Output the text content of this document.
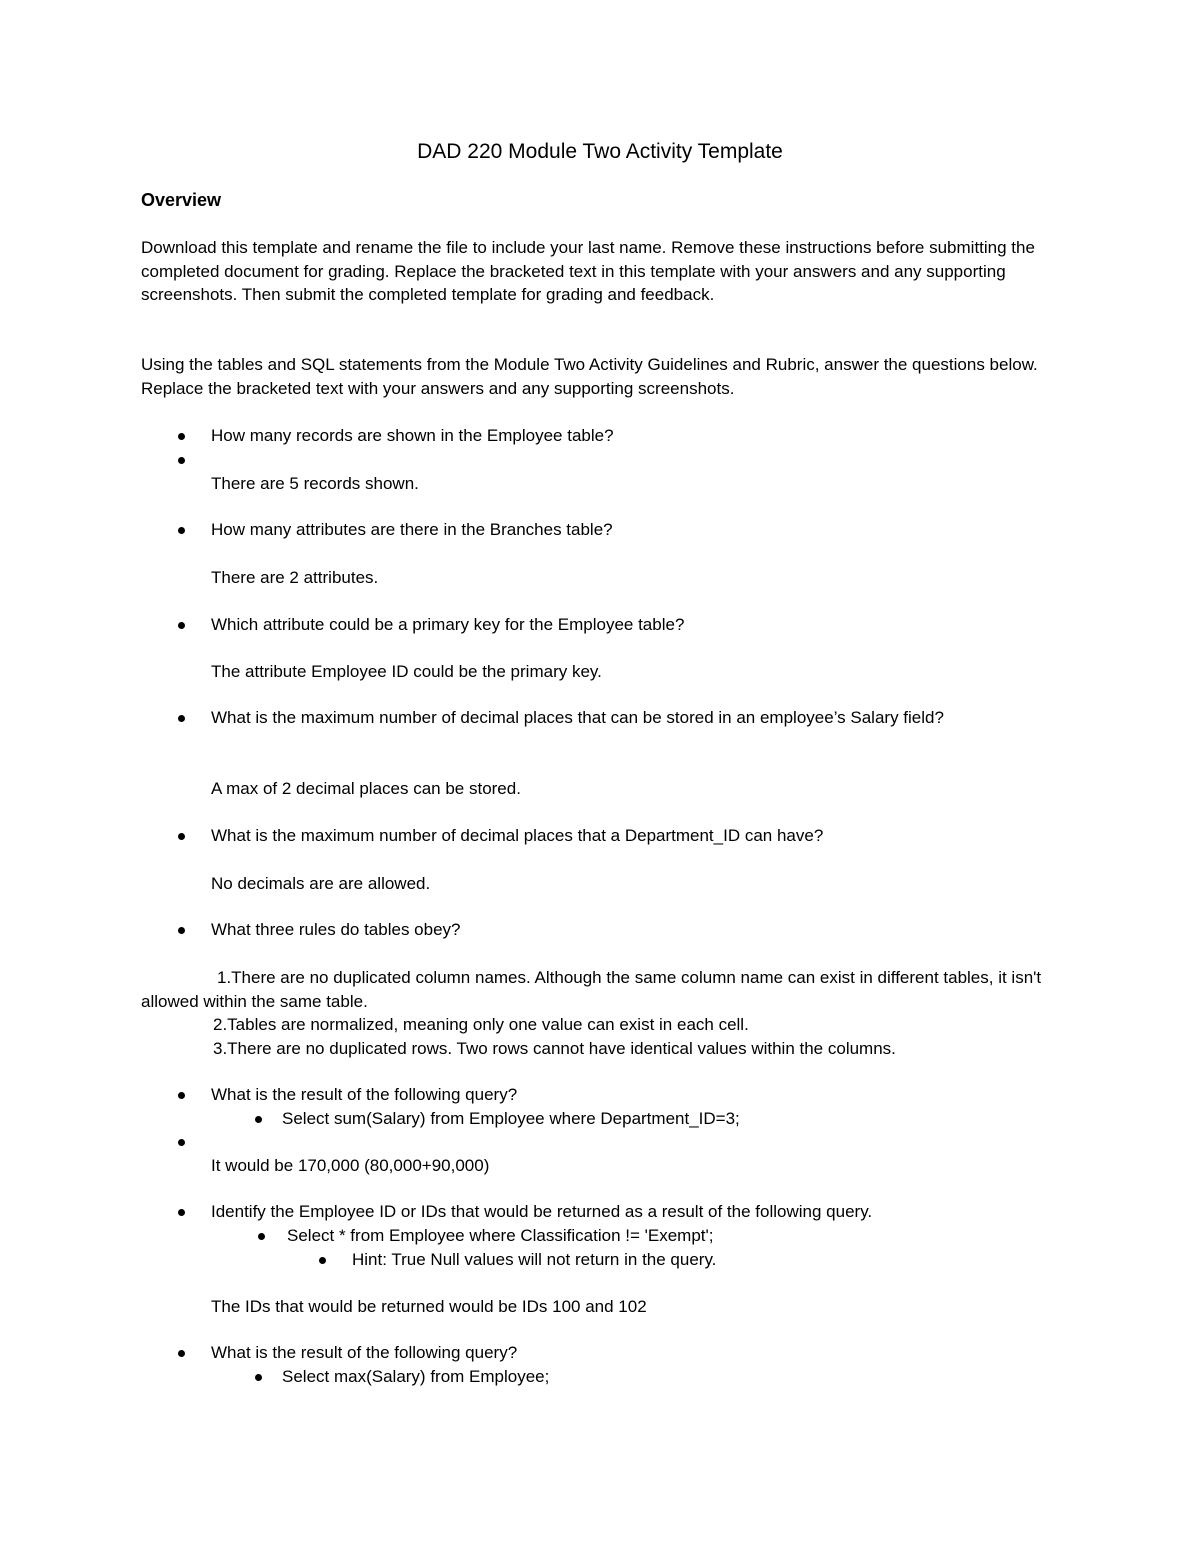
DAD 220 Module Two Activity Template
Overview

Download this template and rename the file to include your last name. Remove these instructions before submitting the completed document for grading. Replace the bracketed text in this template with your answers and any supporting screenshots. Then submit the completed template for grading and feedback.

Using the tables and SQL statements from the Module Two Activity Guidelines and Rubric, answer the questions below. Replace the bracketed text with your answers and any supporting screenshots.

How many records are shown in the Employee table?

There are 5 records shown.

How many attributes are there in the Branches table?

There are 2 attributes.

Which attribute could be a primary key for the Employee table?

The attribute Employee ID could be the primary key.

What is the maximum number of decimal places that can be stored in an employee’s Salary field?

A max of 2 decimal places can be stored.

What is the maximum number of decimal places that a Department_ID can have?

No decimals are are allowed.

What three rules do tables obey?

1.There are no duplicated column names. Although the same column name can exist in different tables, it isn't allowed within the same table.

2.Tables are normalized, meaning only one value can exist in each cell.

3.There are no duplicated rows. Two rows cannot have identical values within the columns.

What is the result of the following query?

Select sum(Salary) from Employee where Department_ID=3;

It would be 170,000 (80,000+90,000)

Identify the Employee ID or IDs that would be returned as a result of the following query.

Select * from Employee where Classification != 'Exempt';

Hint: True Null values will not return in the query.

The IDs that would be returned would be IDs 100 and 102

What is the result of the following query?

Select max(Salary) from Employee;
